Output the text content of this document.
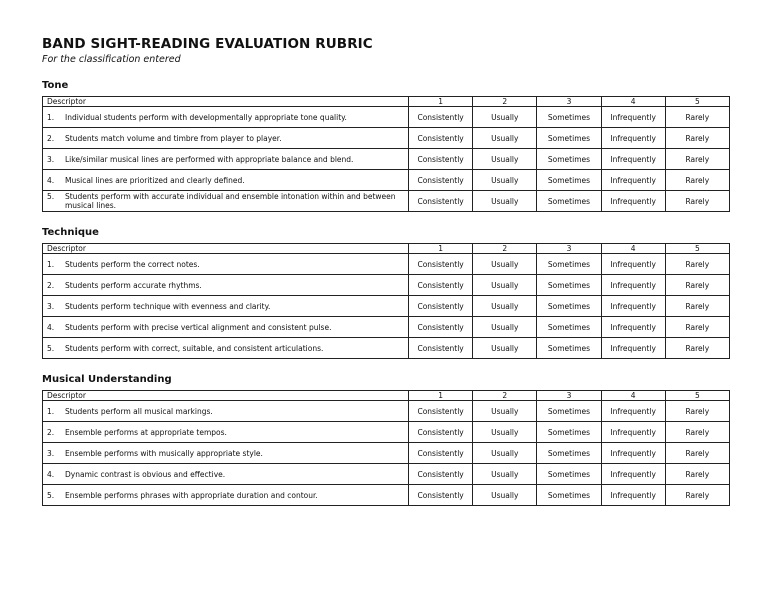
BAND SIGHT-READING EVALUATION RUBRIC
For the classification entered
Tone
Descriptor	1	2	3	4	5

1. Individual students perform with developmentally appropriate tone quality.	Consistently	Usually	Sometimes	Infrequently	Rarely

2. Students match volume and timbre from player to player.	Consistently	Usually	Sometimes	Infrequently	Rarely

3. Like/similar musical lines are performed with appropriate balance and blend.	Consistently	Usually	Sometimes	Infrequently	Rarely

4. Musical lines are prioritized and clearly defined.	Consistently	Usually	Sometimes	Infrequently	Rarely

5. Students perform with accurate individual and ensemble intonation within and between musical lines.	Consistently	Usually	Sometimes	Infrequently	Rarely
Technique
Descriptor	1	2	3	4	5

1. Students perform the correct notes.	Consistently	Usually	Sometimes	Infrequently	Rarely

2. Students perform accurate rhythms.	Consistently	Usually	Sometimes	Infrequently	Rarely

3. Students perform technique with evenness and clarity.	Consistently	Usually	Sometimes	Infrequently	Rarely

4. Students perform with precise vertical alignment and consistent pulse.	Consistently	Usually	Sometimes	Infrequently	Rarely

5. Students perform with correct, suitable, and consistent articulations.	Consistently	Usually	Sometimes	Infrequently	Rarely
Musical Understanding
Descriptor	1	2	3	4	5

1. Students perform all musical markings.	Consistently	Usually	Sometimes	Infrequently	Rarely

2. Ensemble performs at appropriate tempos.	Consistently	Usually	Sometimes	Infrequently	Rarely

3. Ensemble performs with musically appropriate style.	Consistently	Usually	Sometimes	Infrequently	Rarely

4. Dynamic contrast is obvious and effective.	Consistently	Usually	Sometimes	Infrequently	Rarely

5. Ensemble performs phrases with appropriate duration and contour.	Consistently	Usually	Sometimes	Infrequently	Rarely
